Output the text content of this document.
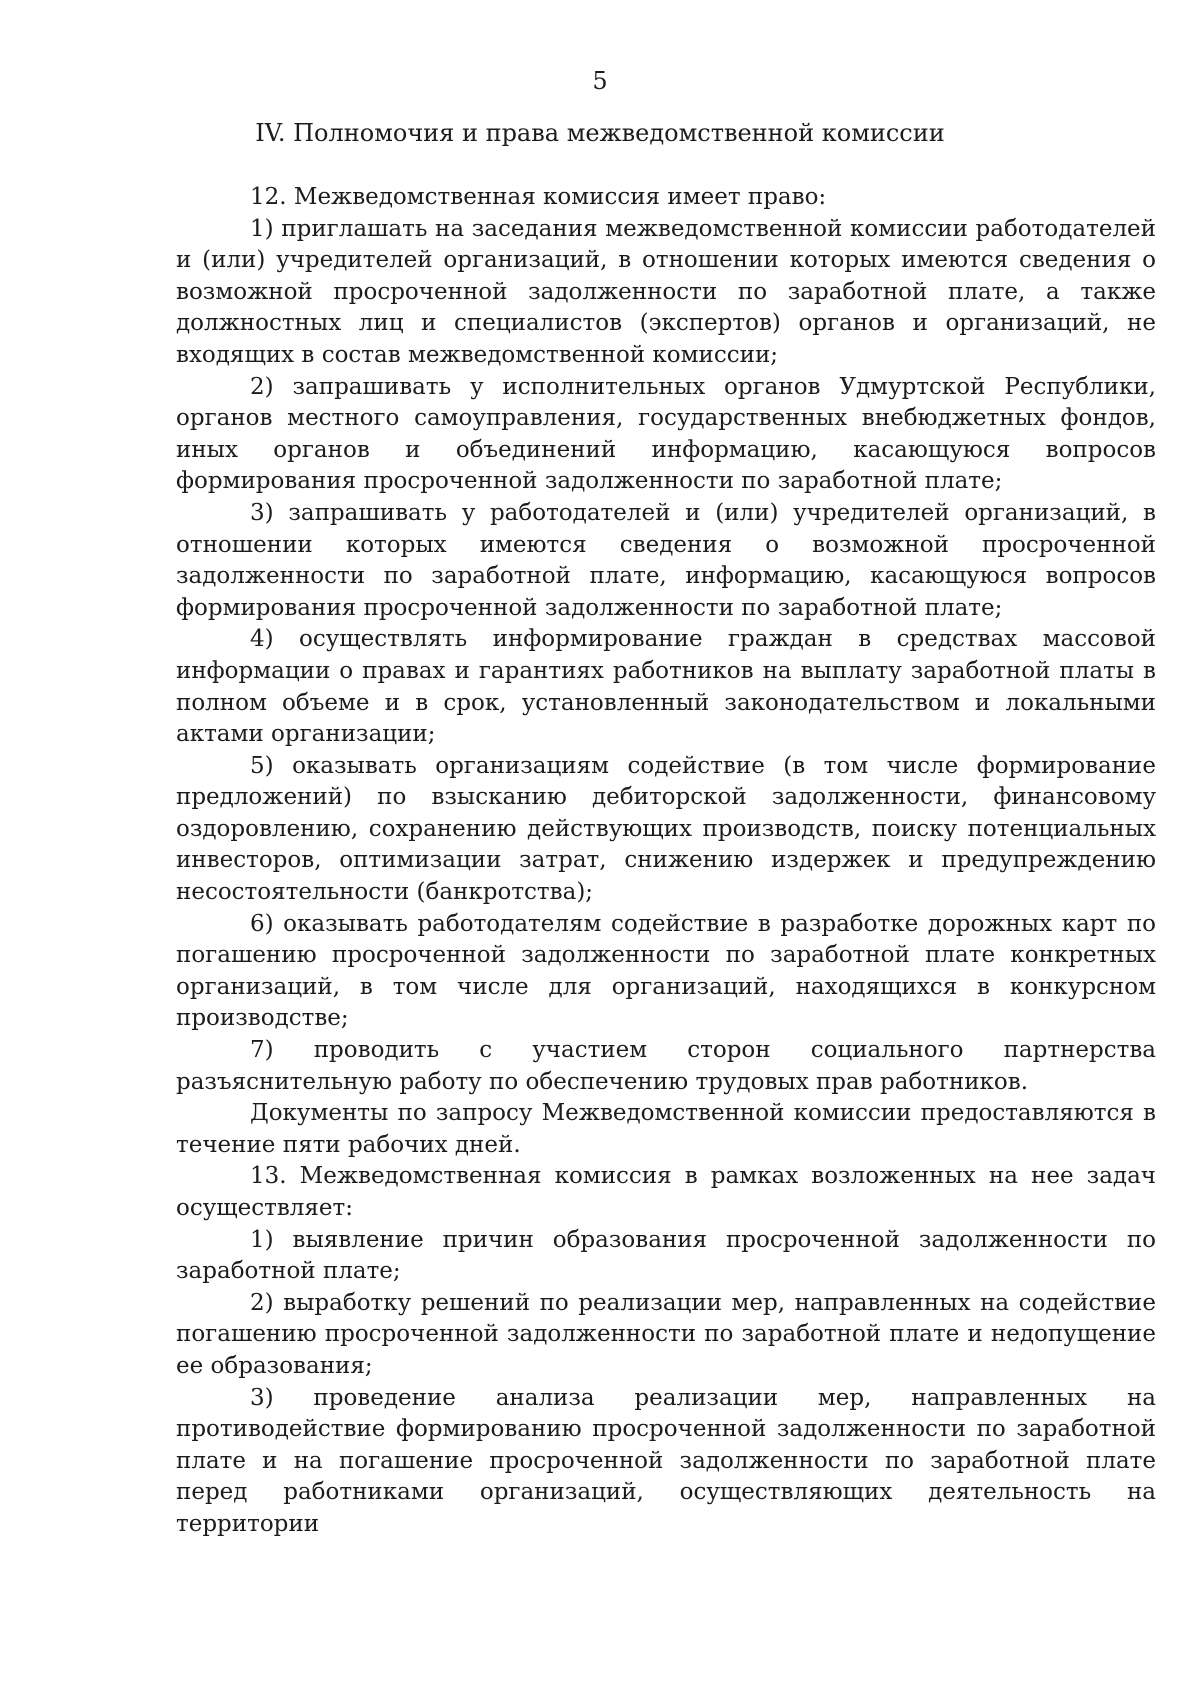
5
IV. Полномочия и права межведомственной комиссии

12. Межведомственная комиссия имеет право:

1) приглашать на заседания межведомственной комиссии работодателей и (или) учредителей организаций, в отношении которых имеются сведения о возможной просроченной задолженности по заработной плате, а также должностных лиц и специалистов (экспертов) органов и организаций, не входящих в состав межведомственной комиссии;

2) запрашивать у исполнительных органов Удмуртской Республики, органов местного самоуправления, государственных внебюджетных фондов, иных органов и объединений информацию, касающуюся вопросов формирования просроченной задолженности по заработной плате;

3) запрашивать у работодателей и (или) учредителей организаций, в отношении которых имеются сведения о возможной просроченной задолженности по заработной плате, информацию, касающуюся вопросов формирования просроченной задолженности по заработной плате;

4) осуществлять информирование граждан в средствах массовой информации о правах и гарантиях работников на выплату заработной платы в полном объеме и в срок, установленный законодательством и локальными актами организации;

5) оказывать организациям содействие (в том числе формирование предложений) по взысканию дебиторской задолженности, финансовому оздоровлению, сохранению действующих производств, поиску потенциальных инвесторов, оптимизации затрат, снижению издержек и предупреждению несостоятельности (банкротства);

6) оказывать работодателям содействие в разработке дорожных карт по погашению просроченной задолженности по заработной плате конкретных организаций, в том числе для организаций, находящихся в конкурсном производстве;

7) проводить с участием сторон социального партнерства разъяснительную работу по обеспечению трудовых прав работников.

Документы по запросу Межведомственной комиссии предоставляются в течение пяти рабочих дней.

13. Межведомственная комиссия в рамках возложенных на нее задач осуществляет:

1) выявление причин образования просроченной задолженности по заработной плате;

2) выработку решений по реализации мер, направленных на содействие погашению просроченной задолженности по заработной плате и недопущение ее образования;

3) проведение анализа реализации мер, направленных на противодействие формированию просроченной задолженности по заработной плате и на погашение просроченной задолженности по заработной плате перед работниками организаций, осуществляющих деятельность на территории
